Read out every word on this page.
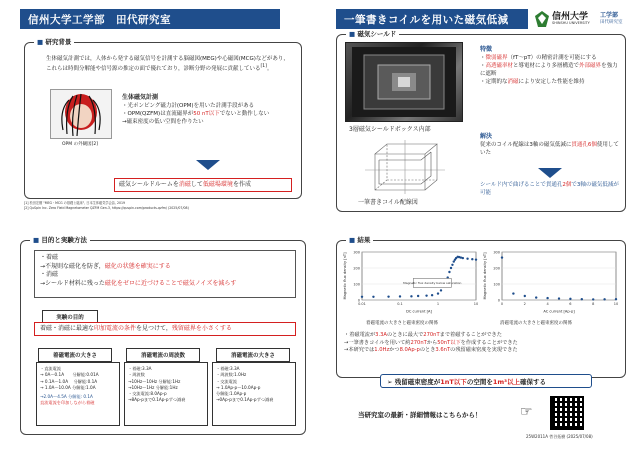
信州大学工学部　田代研究室	一筆書きコイルを用いた磁気低減	信州大学
SHINSHU UNIVERSITY
工学部
田代研究室
■ 研究背景
生体磁気計測では，人体から発する磁気信号を計測する脳磁図(MEG)や心磁図(MCG)などがあり，これらは時間分解能や信号源の推定の面で優れており，診断分野の発展に貢献している[1]。
OPM の外観図[2]
生体磁気計測
・光ポンピング磁力計(OPM)を用いた計測手段がある
・OPM(QZFM)は直流磁界が50 nT以下でないと動作しない
→磁束密度の低い空間を作りたい
磁気シールドルームを消磁して低磁場環境を作成
[1] 松田宏樹 "MEG・MCG の基礎と臨床", 日本生体磁気学会誌, 2019
[2] QuSpin Inc. Zero Field Magnetometer QZFM Gen-3, https://quspin.com/products-qzfm/ (2025/07/08)
■ 磁気シールド
3層磁気シールドボックス内部
一筆書きコイル配線図
特徴
・微弱磁界（fT〜pT）の精密計測を可能にする
・高透磁率材と導電材により多層構造で外部磁界を強力に遮断
・定期的な消磁により安定した性能を維持
解決
従来のコイル配線は3軸の磁気低減に貫通孔6個使用していた
シールド内で曲げることで貫通孔2個で3軸の磁気低減が可能
■ 目的と実験方法
・着磁
→不規則な磁化を防ぎ，磁化の状態を確実にする
・消磁
→シールド材料に残った磁化をゼロに近づけることで磁気ノイズを減らす
実験の目的
着磁・消磁に最適な印加電流の条件を見つけて，残留磁界を小さくする
着磁電流の大きさ	消磁電流の周波数	消磁電流の大きさ
・直流電流
→ 0A〜0.1A　　分解能:0.01A
→ 0.1A〜1.0A　 分解能:0.1A
→ 1.0A〜10.0A 分解能:1.0A
→2.0A〜4.5A 分解能: 0.1A
直流電流を印加しながら着磁
・着磁:3.3A
・周波数
→10Hz〜10Hz 分解能:1Hz
→10Hz〜1Hz 分解能:1Hz
・交流電流:8.0Ap-p
→8Ap-pまで0.1Ap-pずつ減衰
・着磁:3.3A
・周波数:1.0Hz
・交流電流
→ 1.0Ap-p〜10.0Ap-p
分解能:1.0Ap-p
→0Ap-pまで0.1Ap-pずつ減衰
■ 結果
0
100
200
300
0.01	0.1	1	10
DC current [A]
Magnetic flux density [nT]	Magnetic flux density below saturation
着磁電流の大きさと磁束密度の関係
0
100
200
300
0	2	4	6	8	10
AC current [Ap-p]
Magnetic flux density [nT]
消磁電流の大きさと磁束密度の関係
・着磁電流が3.3Aのときに最大で270nTまで着磁することができた
→一筆書きコイルを用いて約270nTから50nT以下を作成することができた
→本研究では1.0Hzかつ8.0Ap-pのとき3.6nTの残留磁束密度を実現できた
➢ 残留磁束密度が1nT以下の空間を1m³以上確保する
当研究室の最新・詳細情報はこちらから！	☞
25W2011A 菅谷拓樹 (2025/07/08)
